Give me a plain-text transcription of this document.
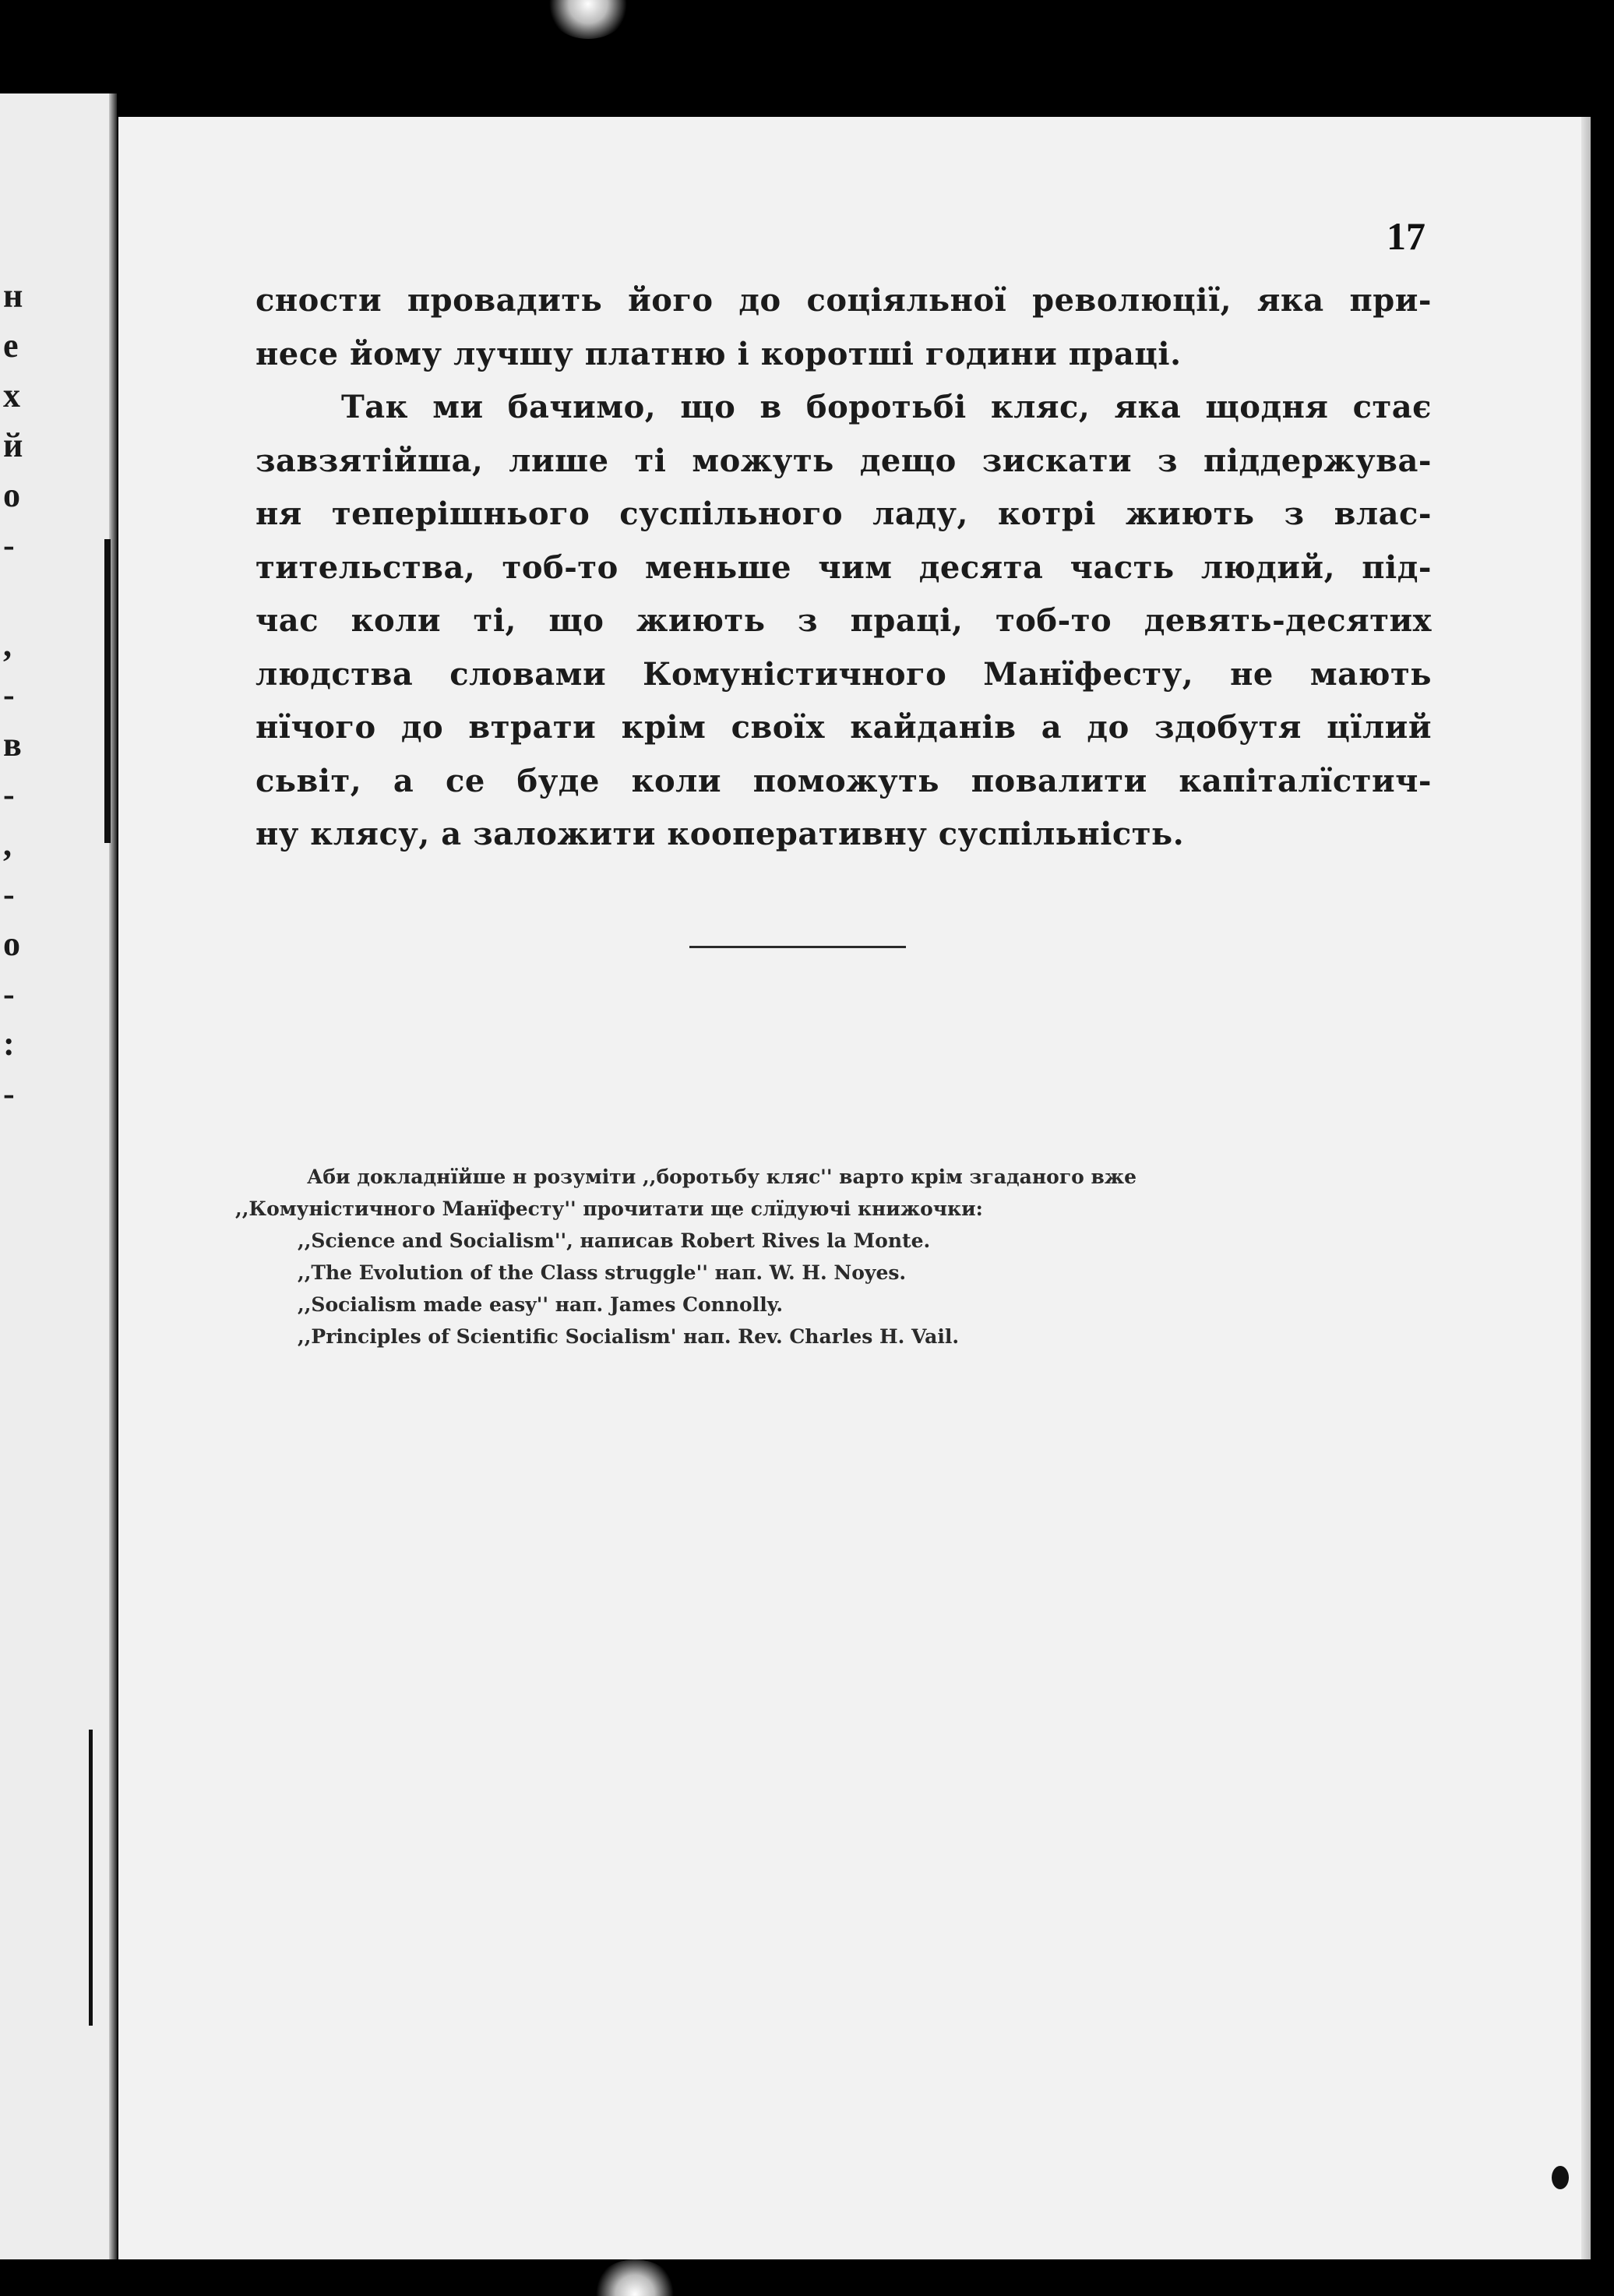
н
е
х
й
о
-
,
-
в
-
,
-
о
-
:
-
17
сности провадить його до соціяльної революції, яка при-
несе йому лучшу платню і коротші години праці.
Так ми бачимо, що в боротьбі кляс, яка щодня стає
завзятійша, лише ті можуть дещо зискати з піддержува-
ня теперішнього суспільного ладу, котрі жиють з влас-
тительства, тоб-то меньше чим десята часть людий, під-
час коли ті, що жиють з праці, тоб-то девять-десятих
людства словами Комуністичного Манїфесту, не мають
нїчого до втрати крім своїх кайданів а до здобутя цїлий
сьвіт, а се буде коли поможуть повалити капіталїстич-
ну клясу, а заложити кооперативну суспільність.
Аби докладнїйше н розуміти ,,боротьбу кляс'' варто крім згаданого вже
,,Комуністичного Манїфесту'' прочитати ще слїдуючі книжочки:
,,Science and Socialism'', написав Robert Rives la Monte.
,,The Evolution of the Class struggle'' нап. W. H. Noyes.
,,Socialism made easy'' нап. James Connolly.
,,Principles of Scientific Socialism' нап. Rev. Charles H. Vail.
